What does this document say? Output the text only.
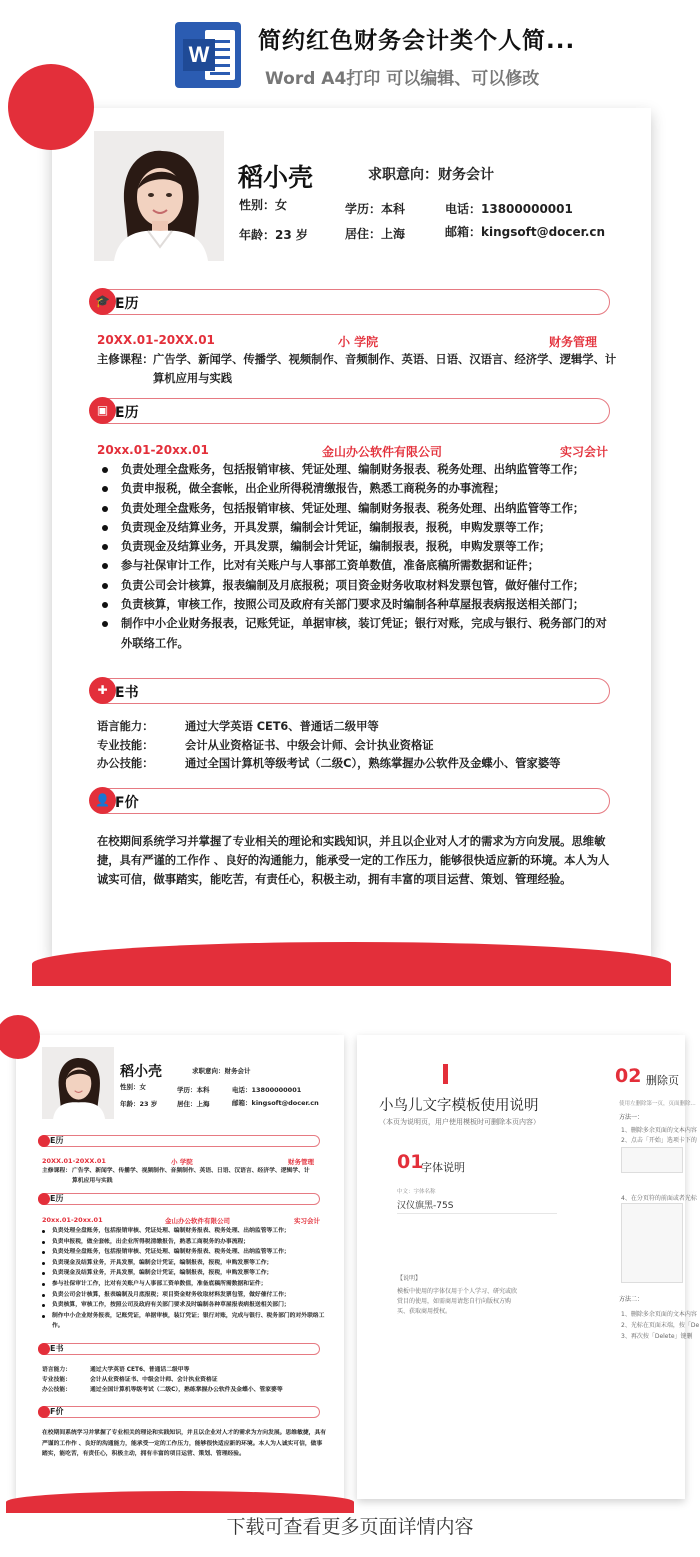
W
简约红色财务会计类个人简...
Word A4打印 可以编辑、可以修改
稻小壳	求职意向：财务会计
性别：女
年龄：23 岁
学历：本科
居住：上海
电话：13800000001
邮箱：kingsoft@docer.cn
🎓 E历
20XX.01-20XX.01	小 学院	财务管理
主修课程： 广告学、新闻学、传播学、视频制作、音频制作、英语、日语、汉语言、经济学、逻辑学、计
算机应用与实践
▣ E历
20xx.01-20xx.01	金山办公软件有限公司	实习会计
负责处理全盘账务，包括报销审核、凭证处理、编制财务报表、税务处理、出纳监管等工作；
负责申报税，做全套帐，出企业所得税清缴报告，熟悉工商税务的办事流程；
负责处理全盘账务，包括报销审核、凭证处理、编制财务报表、税务处理、出纳监管等工作；
负责现金及结算业务，开具发票，编制会计凭证，编制报表，报税，申购发票等工作；
负责现金及结算业务，开具发票，编制会计凭证，编制报表，报税，申购发票等工作；
参与社保审计工作，比对有关账户与人事部工资单数值，准备底稿所需数据和证件；
负责公司会计核算，报表编制及月底报税；项目资金财务收取材料发票包管，做好催付工作；
负责核算，审核工作，按照公司及政府有关部门要求及时编制各种草屋报表病报送相关部门；
制作中小企业财务报表，记账凭证，单据审核，装订凭证；银行对账，完成与银行、税务部门的对外联络工作。
✚ E书
语言能力：	通过大学英语 CET6、普通话二级甲等
专业技能：	会计从业资格证书、中级会计师、会计执业资格证
办公技能：	通过全国计算机等级考试（二级C），熟练掌握办公软件及金蝶小、管家婆等
👤 F价
在校期间系统学习并掌握了专业相关的理论和实践知识，并且以企业对人才的需求为方向发展。思维敏捷，具有严谨的工作作 、良好的沟通能力，能承受一定的工作压力，能够很快适应新的环境。本人为人诚实可信，做事踏实，能吃苦，有责任心，积极主动，拥有丰富的项目运营、策划、管理经验。
稻小壳	求职意向：财务会计
性别：女
年龄：23 岁
学历：本科
居住：上海
电话：13800000001
邮箱：kingsoft@docer.cn
E历
20XX.01-20XX.01	小 学院	财务管理
主修课程： 广告学、新闻学、传播学、视频制作、音频制作、英语、日语、汉语言、经济学、逻辑学、计
算机应用与实践
E历
20xx.01-20xx.01	金山办公软件有限公司	实习会计
负责处理全盘账务，包括报销审核、凭证处理、编制财务报表、税务处理、出纳监管等工作；
负责申报税，做全套帐，出企业所得税清缴报告，熟悉工商税务的办事流程；
负责处理全盘账务，包括报销审核、凭证处理、编制财务报表、税务处理、出纳监管等工作；
负责现金及结算业务，开具发票，编制会计凭证，编制报表，报税，申购发票等工作；
负责现金及结算业务，开具发票，编制会计凭证，编制报表，报税，申购发票等工作；
参与社保审计工作，比对有关账户与人事部工资单数值，准备底稿所需数据和证件；
负责公司会计核算，报表编制及月底报税；项目资金财务收取材料发票包管，做好催付工作；
负责核算，审核工作，按照公司及政府有关部门要求及时编制各种草屋报表病报送相关部门；
制作中小企业财务报表，记账凭证，单据审核，装订凭证；银行对账，完成与银行、税务部门的对外联络工作。
E书
语言能力：	通过大学英语 CET6、普通话二级甲等
专业技能：	会计从业资格证书、中级会计师、会计执业资格证
办公技能：	通过全国计算机等级考试（二级C），熟练掌握办公软件及金蝶小、管家婆等
F价
在校期间系统学习并掌握了专业相关的理论和实践知识，并且以企业对人才的需求为方向发展。思维敏捷，具有严谨的工作作 、良好的沟通能力，能承受一定的工作压力，能够很快适应新的环境。本人为人诚实可信，做事踏实，能吃苦，有责任心，积极主动，拥有丰富的项目运营、策划、管理经验。
小鸟儿文字模板使用说明
（本页为说明页，用户使用模板时可删除本页内容）
01
字体说明
中文：字体名称
汉仪旗黑-75S
【说明】
模板中使用的字体仅用于个人学习、研究或欣赏目的使用，如需商用请您自行向版权方购买、获取商用授权。
02 删除页
使用左删除第一页，页面删除...
方法一：
1、删除多余页面的文本内容
2、点击「开始」选项卡下的
4、在分页符的前面或者光标
方法二：
1、删除多余页面的文本内容
2、光标在页面末端，按「De
3、再次按「Delete」键删
下载可查看更多页面详情内容
